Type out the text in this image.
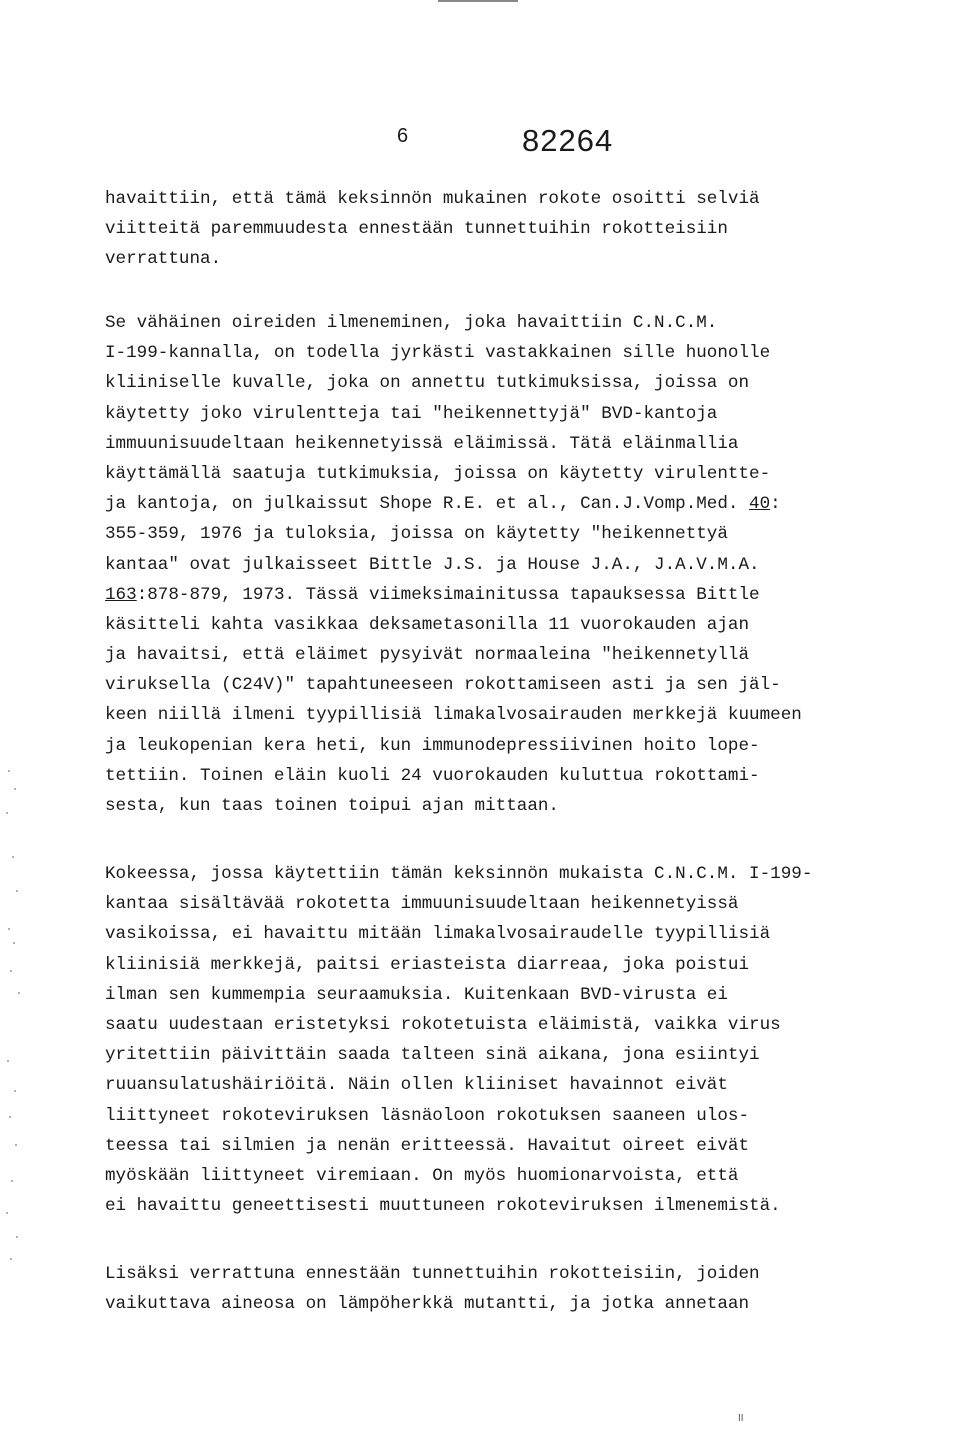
6	82264
havaittiin, että tämä keksinnön mukainen rokote osoitti selviä
viitteitä paremmuudesta ennestään tunnettuihin rokotteisiin
verrattuna.
Se vähäinen oireiden ilmeneminen, joka havaittiin C.N.C.M.
I-199-kannalla, on todella jyrkästi vastakkainen sille huonolle
kliiniselle kuvalle, joka on annettu tutkimuksissa, joissa on
käytetty joko virulentteja tai "heikennettyjä" BVD-kantoja
immuunisuudeltaan heikennetyissä eläimissä. Tätä eläinmallia
käyttämällä saatuja tutkimuksia, joissa on käytetty virulentte-
ja kantoja, on julkaissut Shope R.E. et al., Can.J.Vomp.Med. 40:
355-359, 1976 ja tuloksia, joissa on käytetty "heikennettyä
kantaa" ovat julkaisseet Bittle J.S. ja House J.A., J.A.V.M.A.
163:878-879, 1973. Tässä viimeksimainitussa tapauksessa Bittle
käsitteli kahta vasikkaa deksametasonilla 11 vuorokauden ajan
ja havaitsi, että eläimet pysyivät normaaleina "heikennetyllä
viruksella (C24V)" tapahtuneeseen rokottamiseen asti ja sen jäl-
keen niillä ilmeni tyypillisiä limakalvosairauden merkkejä kuumeen
ja leukopenian kera heti, kun immunodepressiivinen hoito lope-
tettiin. Toinen eläin kuoli 24 vuorokauden kuluttua rokottami-
sesta, kun taas toinen toipui ajan mittaan.
Kokeessa, jossa käytettiin tämän keksinnön mukaista C.N.C.M. I-199-
kantaa sisältävää rokotetta immuunisuudeltaan heikennetyissä
vasikoissa, ei havaittu mitään limakalvosairaudelle tyypillisiä
kliinisiä merkkejä, paitsi eriasteista diarreaa, joka poistui
ilman sen kummempia seuraamuksia. Kuitenkaan BVD-virusta ei
saatu uudestaan eristetyksi rokotetuista eläimistä, vaikka virus
yritettiin päivittäin saada talteen sinä aikana, jona esiintyi
ruuansulatushäiriöitä. Näin ollen kliiniset havainnot eivät
liittyneet rokoteviruksen läsnäoloon rokotuksen saaneen ulos-
teessa tai silmien ja nenän eritteessä. Havaitut oireet eivät
myöskään liittyneet viremiaan. On myös huomionarvoista, että
ei havaittu geneettisesti muuttuneen rokoteviruksen ilmenemistä.
Lisäksi verrattuna ennestään tunnettuihin rokotteisiin, joiden
vaikuttava aineosa on lämpöherkkä mutantti, ja jotka annetaan
II
